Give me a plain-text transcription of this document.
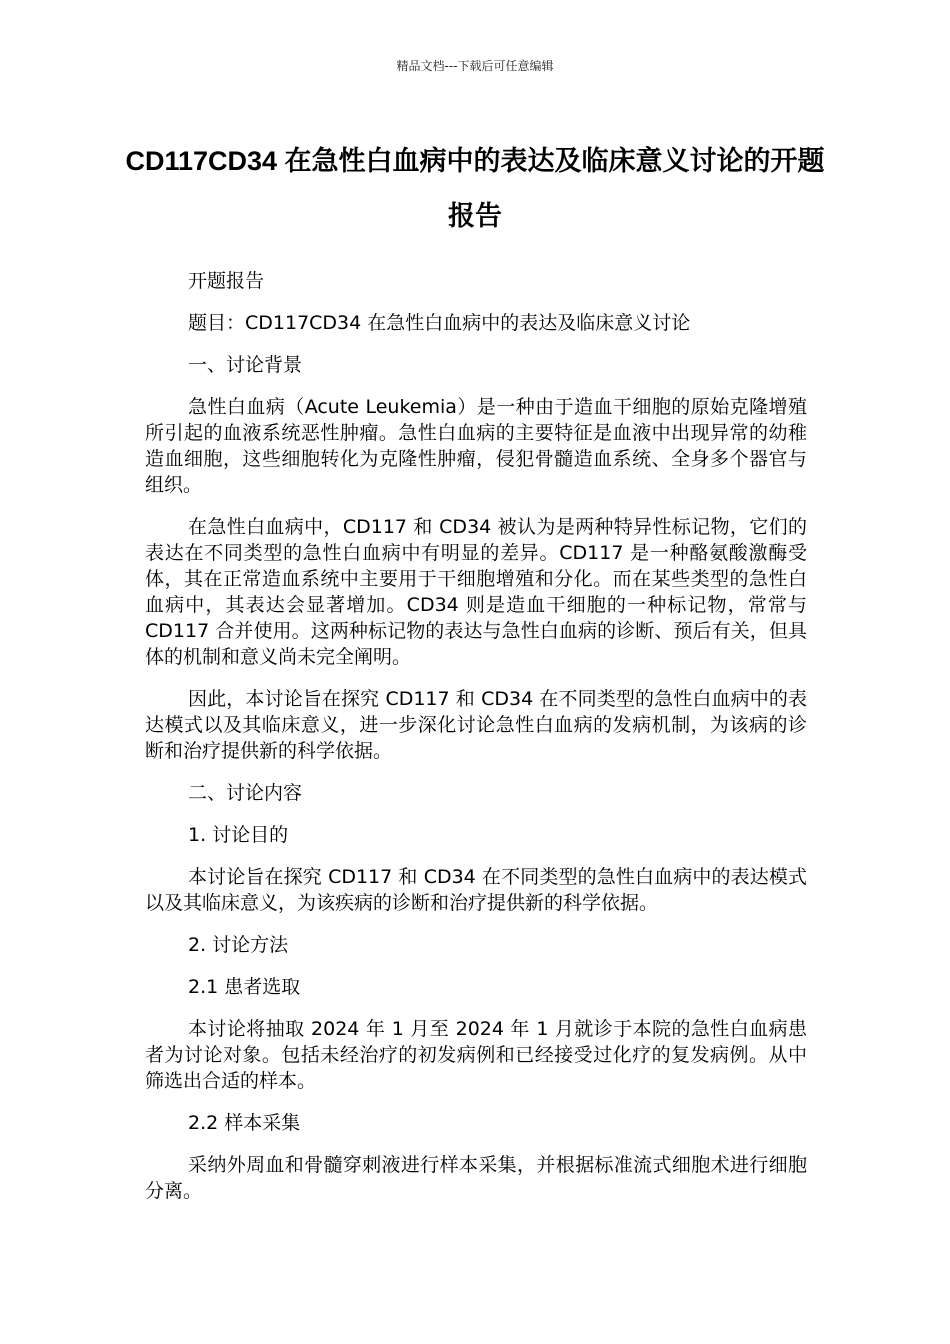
精品文档---下载后可任意编辑
CD117CD34 在急性白血病中的表达及临床意义讨论的开题报告

开题报告

题目：CD117CD34 在急性白血病中的表达及临床意义讨论

一、讨论背景

急性白血病（Acute Leukemia）是一种由于造血干细胞的原始克隆增殖所引起的血液系统恶性肿瘤。急性白血病的主要特征是血液中出现异常的幼稚造血细胞，这些细胞转化为克隆性肿瘤，侵犯骨髓造血系统、全身多个器官与组织。

在急性白血病中，CD117 和 CD34 被认为是两种特异性标记物，它们的表达在不同类型的急性白血病中有明显的差异。CD117 是一种酪氨酸激酶受体，其在正常造血系统中主要用于干细胞增殖和分化。而在某些类型的急性白血病中，其表达会显著增加。CD34 则是造血干细胞的一种标记物，常常与 CD117 合并使用。这两种标记物的表达与急性白血病的诊断、预后有关，但具体的机制和意义尚未完全阐明。

因此，本讨论旨在探究 CD117 和 CD34 在不同类型的急性白血病中的表达模式以及其临床意义，进一步深化讨论急性白血病的发病机制，为该病的诊断和治疗提供新的科学依据。

二、讨论内容

1. 讨论目的

本讨论旨在探究 CD117 和 CD34 在不同类型的急性白血病中的表达模式以及其临床意义，为该疾病的诊断和治疗提供新的科学依据。

2. 讨论方法

2.1 患者选取

本讨论将抽取 2024 年 1 月至 2024 年 1 月就诊于本院的急性白血病患者为讨论对象。包括未经治疗的初发病例和已经接受过化疗的复发病例。从中筛选出合适的样本。

2.2 样本采集

采纳外周血和骨髓穿刺液进行样本采集，并根据标准流式细胞术进行细胞分离。
